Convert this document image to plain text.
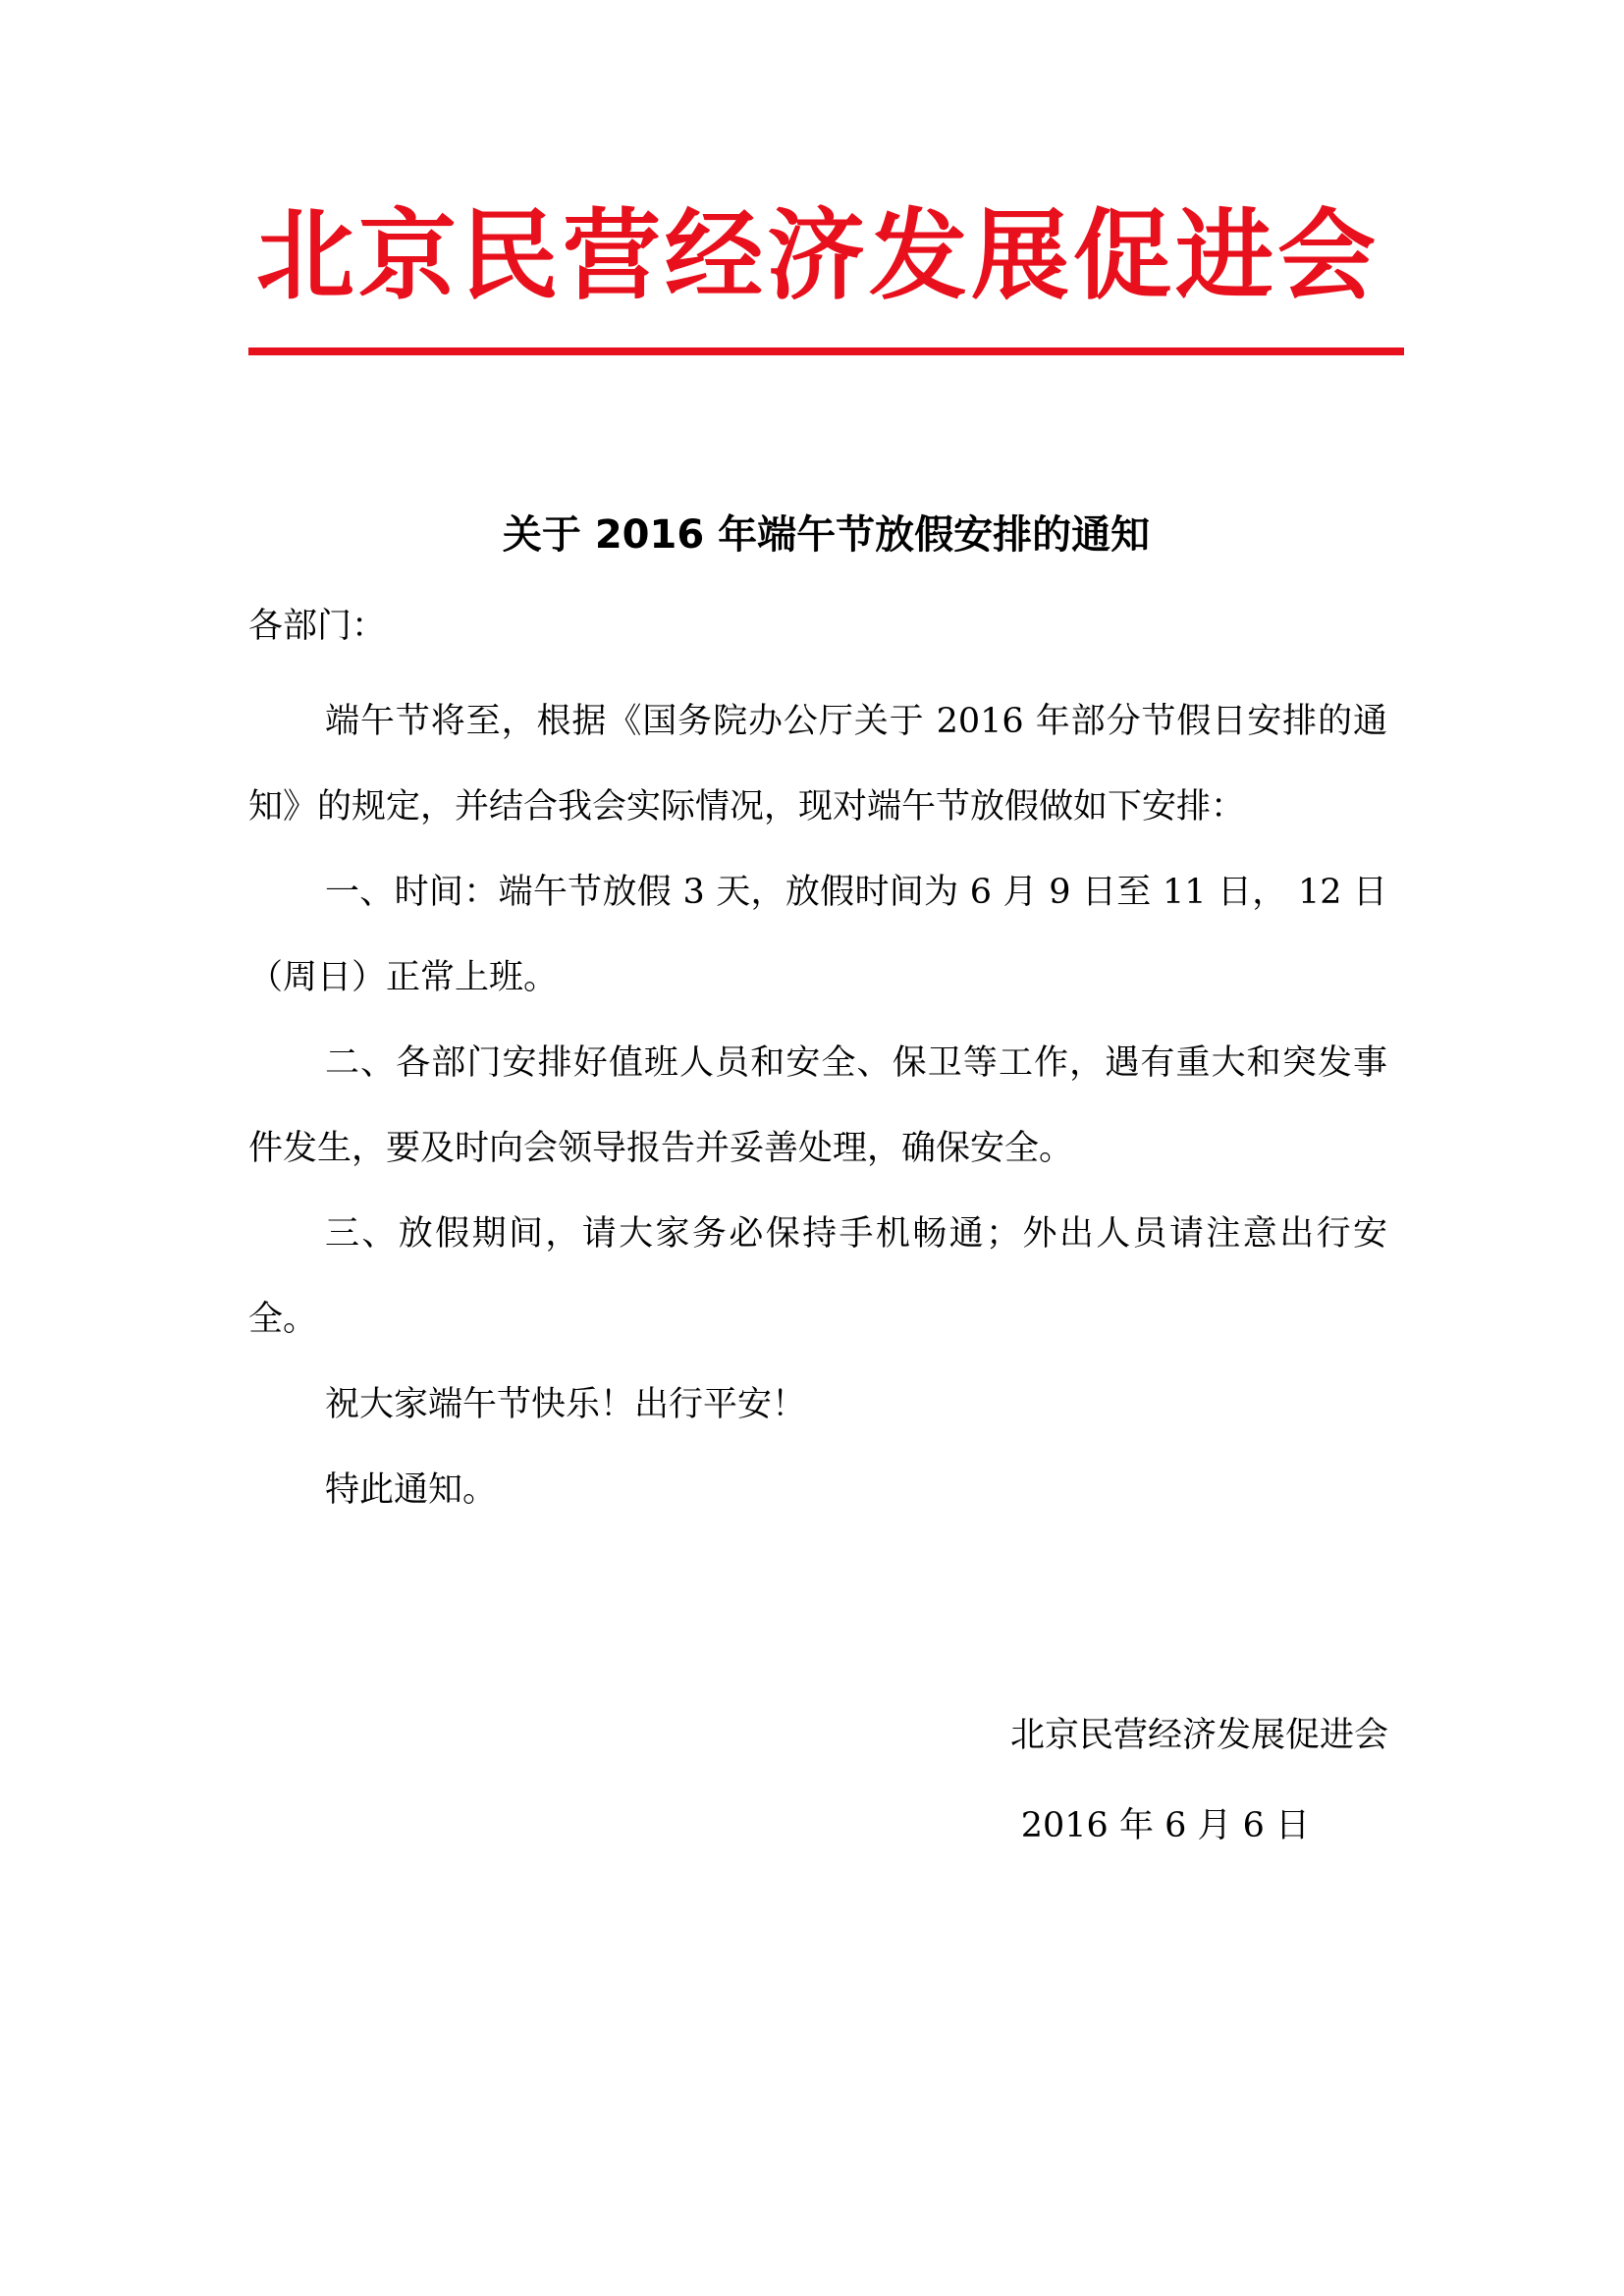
北京民营经济发展促进会
关于 2016 年端午节放假安排的通知
各部门：

端午节将至，根据《国务院办公厅关于 2016 年部分节假日安排的通知》的规定，并结合我会实际情况，现对端午节放假做如下安排：

一、时间：端午节放假 3 天，放假时间为 6 月 9 日至 11 日， 12 日（周日）正常上班。

二、各部门安排好值班人员和安全、保卫等工作，遇有重大和突发事件发生，要及时向会领导报告并妥善处理，确保安全。

三、放假期间，请大家务必保持手机畅通；外出人员请注意出行安全。

祝大家端午节快乐！出行平安！

特此通知。

北京民营经济发展促进会
2016 年 6 月 6 日
